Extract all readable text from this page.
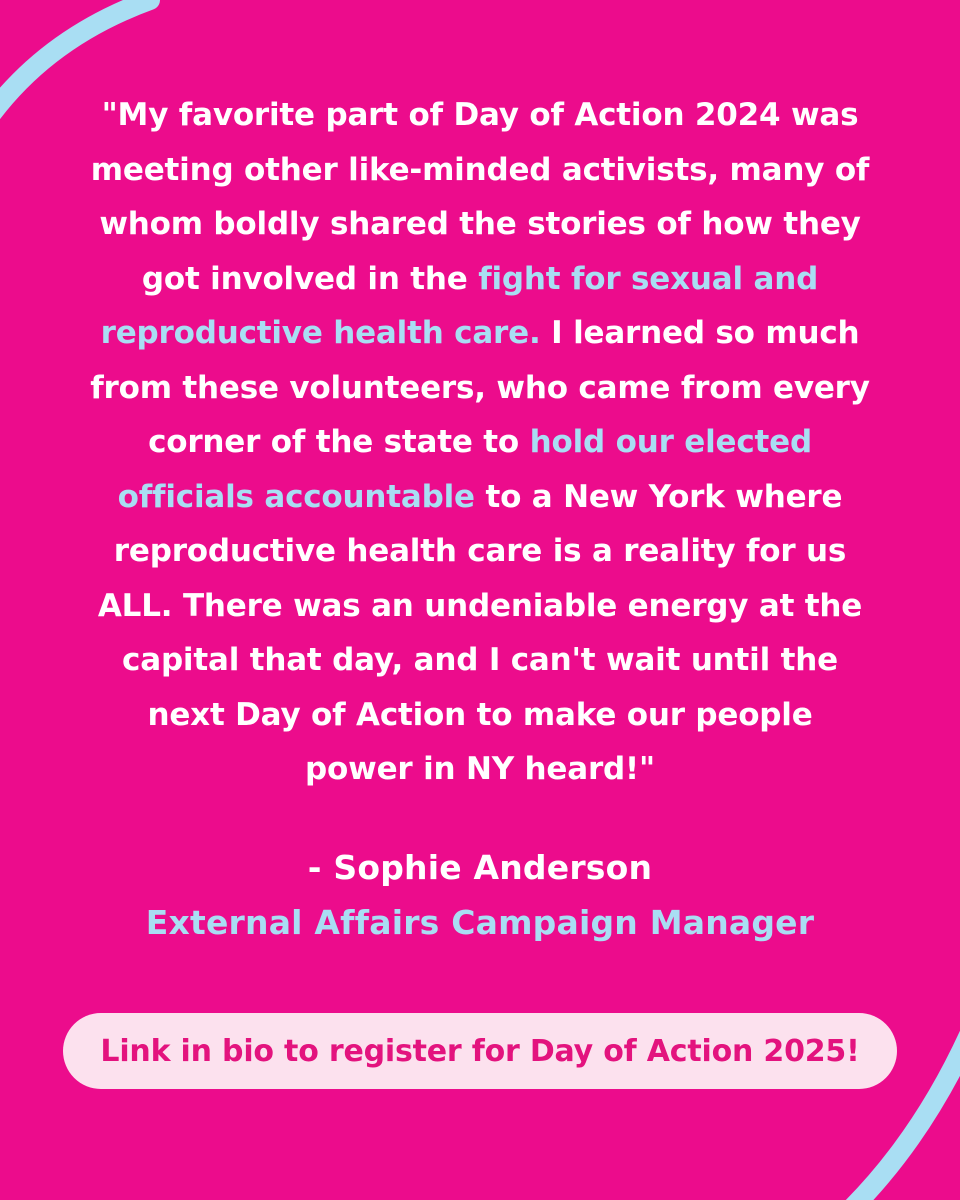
"My favorite part of Day of Action 2024 was
meeting other like-minded activists, many of
whom boldly shared the stories of how they
got involved in the fight for sexual and
reproductive health care. I learned so much
from these volunteers, who came from every
corner of the state to hold our elected
officials accountable to a New York where
reproductive health care is a reality for us
ALL. There was an undeniable energy at the
capital that day, and I can't wait until the
next Day of Action to make our people
power in NY heard!"
- Sophie Anderson
External Affairs Campaign Manager
Link in bio to register for Day of Action 2025!
